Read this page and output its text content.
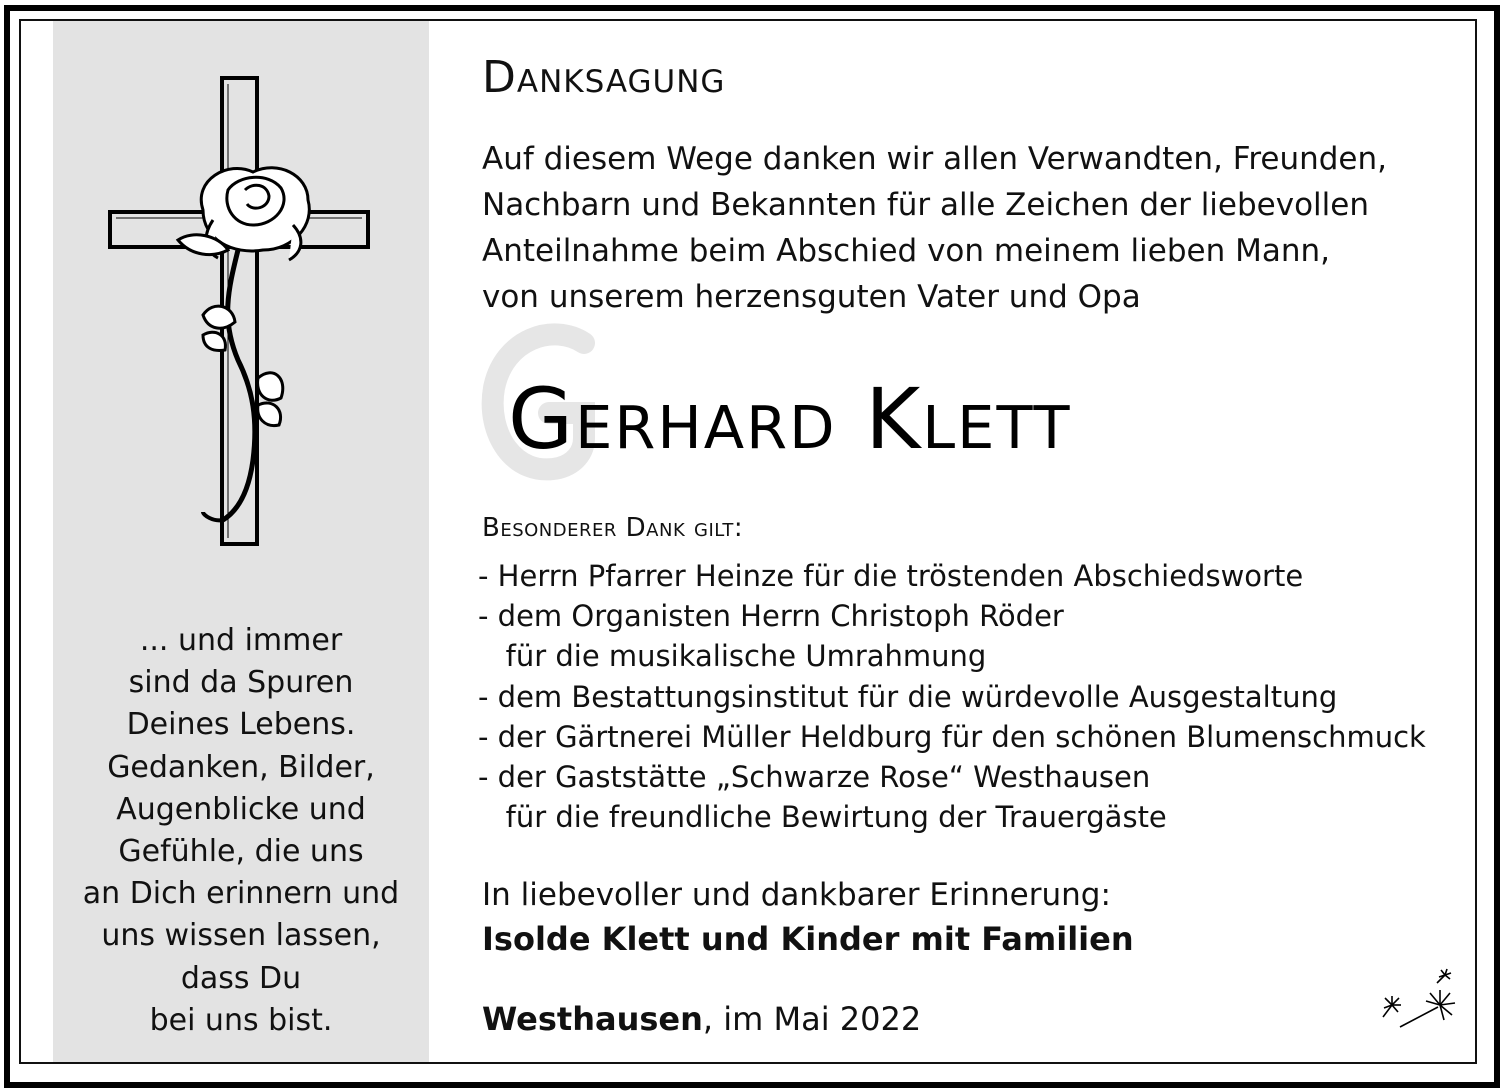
... und immer
sind da Spuren
Deines Lebens.
Gedanken, Bilder,
Augenblicke und
Gefühle, die uns
an Dich erinnern und
uns wissen lassen,
dass Du
bei uns bist.
Danksagung
Auf diesem Wege danken wir allen Verwandten, Freunden,
Nachbarn und Bekannten für alle Zeichen der liebevollen
Anteilnahme beim Abschied von meinem lieben Mann,
von unserem herzensguten Vater und Opa
Gerhard Klett
Besonderer Dank gilt:
- Herrn Pfarrer Heinze für die tröstenden Abschiedsworte
- dem Organisten Herrn Christoph Röder
für die musikalische Umrahmung
- dem Bestattungsinstitut für die würdevolle Ausgestaltung
- der Gärtnerei Müller Heldburg für den schönen Blumenschmuck
- der Gaststätte „Schwarze Rose“ Westhausen
für die freundliche Bewirtung der Trauergäste
In liebevoller und dankbarer Erinnerung:
Isolde Klett und Kinder mit Familien
Westhausen, im Mai 2022
